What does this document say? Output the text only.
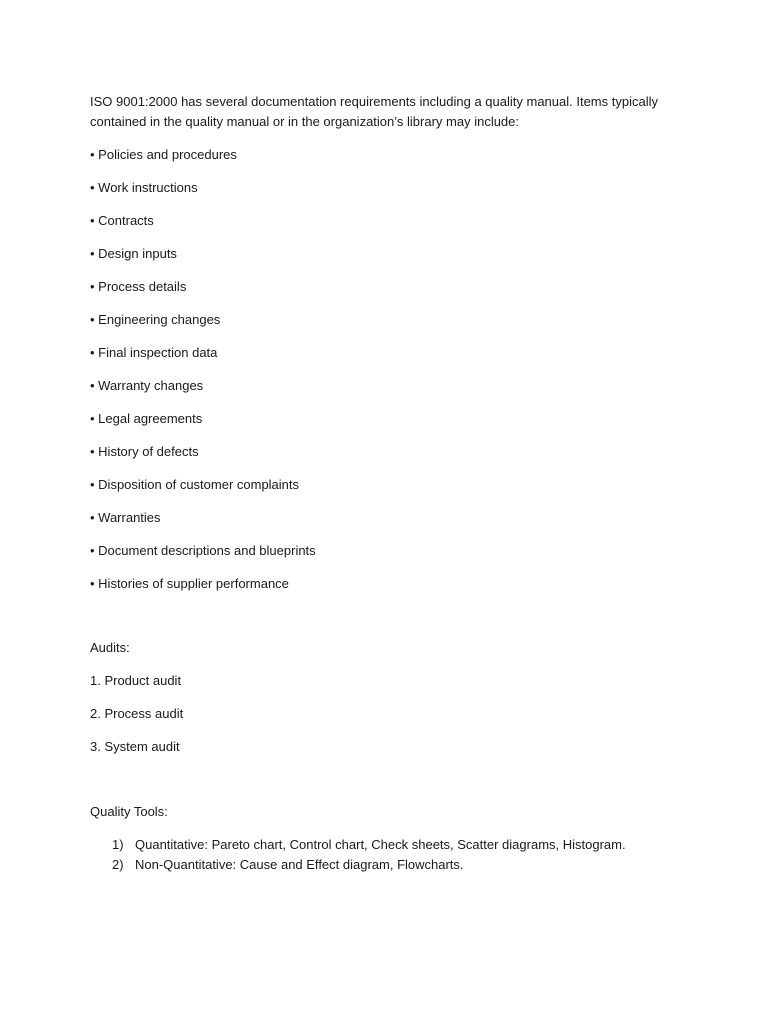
ISO 9001:2000 has several documentation requirements including a quality manual. Items typically contained in the quality manual or in the organization’s library may include:

• Policies and procedures
• Work instructions
• Contracts
• Design inputs
• Process details
• Engineering changes
• Final inspection data
• Warranty changes
• Legal agreements
• History of defects
• Disposition of customer complaints
• Warranties
• Document descriptions and blueprints
• Histories of supplier performance

Audits:

1. Product audit
2. Process audit
3. System audit

Quality Tools:

1) Quantitative: Pareto chart, Control chart, Check sheets, Scatter diagrams, Histogram.
2) Non-Quantitative: Cause and Effect diagram, Flowcharts.
